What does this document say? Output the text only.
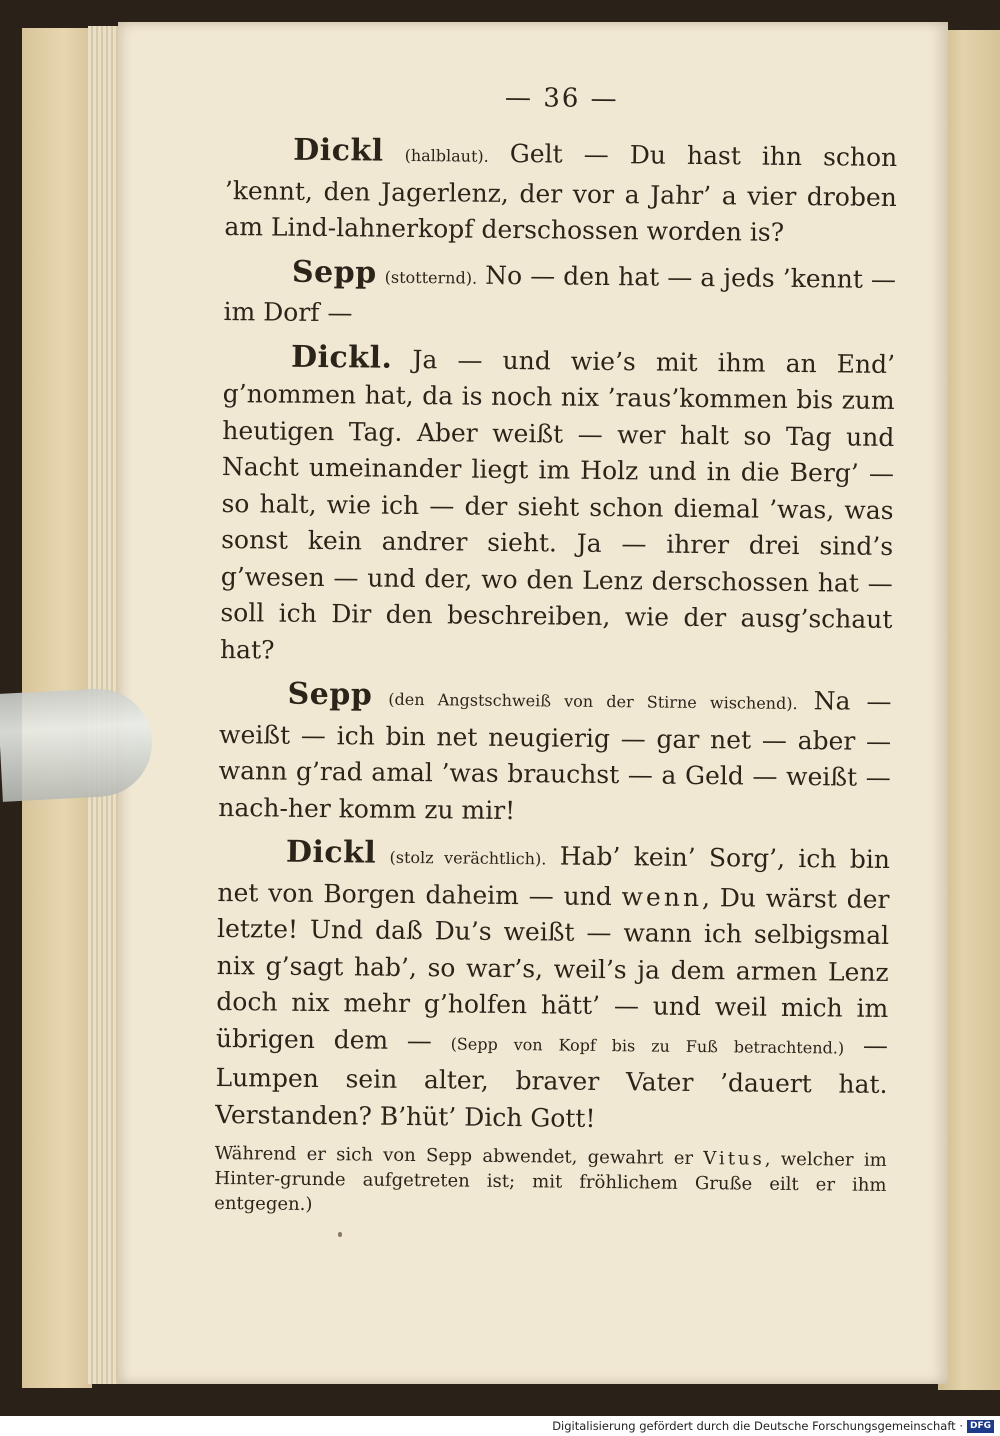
— 36 —

Dickl (halblaut). Gelt — Du hast ihn schon ’kennt, den Jagerlenz, der vor a Jahr’ a vier droben am Lind-lahnerkopf derschossen worden is?

Sepp (stotternd). No — den hat — a jeds ’kennt — im Dorf —

Dickl. Ja — und wie’s mit ihm an End’ g’nommen hat, da is noch nix ’raus’kommen bis zum heutigen Tag. Aber weißt — wer halt so Tag und Nacht umeinander liegt im Holz und in die Berg’ — so halt, wie ich — der sieht schon diemal ’was, was sonst kein andrer sieht. Ja — ihrer drei sind’s g’wesen — und der, wo den Lenz derschossen hat — soll ich Dir den beschreiben, wie der ausg’schaut hat?

Sepp (den Angstschweiß von der Stirne wischend). Na — weißt — ich bin net neugierig — gar net — aber — wann g’rad amal ’was brauchst — a Geld — weißt — nach-her komm zu mir!

Dickl (stolz verächtlich). Hab’ kein’ Sorg’, ich bin net von Borgen daheim — und wenn, Du wärst der letzte! Und daß Du’s weißt — wann ich selbigsmal nix g’sagt hab’, so war’s, weil’s ja dem armen Lenz doch nix mehr g’holfen hätt’ — und weil mich im übrigen dem — (Sepp von Kopf bis zu Fuß betrachtend.) — Lumpen sein alter, braver Vater ’dauert hat. Verstanden? B’hüt’ Dich Gott!

Während er sich von Sepp abwendet, gewahrt er Vitus, welcher im Hinter-grunde aufgetreten ist; mit fröhlichem Gruße eilt er ihm entgegen.)

Digitalisierung gefördert durch die Deutsche Forschungsgemeinschaft · DFG
